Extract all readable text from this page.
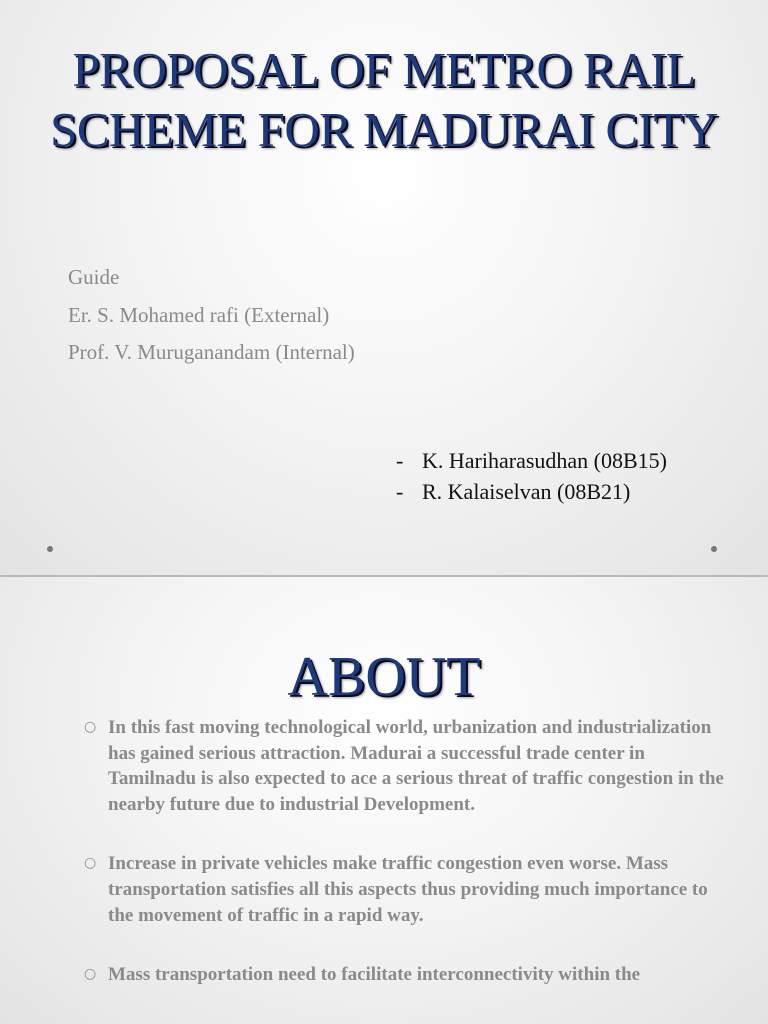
PROPOSAL OF METRO RAIL SCHEME FOR MADURAI CITY
Guide
Er. S. Mohamed rafi (External)
Prof. V. Muruganandam (Internal)
- K. Hariharasudhan (08B15)
- R. Kalaiselvan (08B21)
ABOUT
○ In this fast moving technological world, urbanization and industrialization has gained serious attraction. Madurai a successful trade center in Tamilnadu is also expected to ace a serious threat of traffic congestion in the nearby future due to industrial Development.
○ Increase in private vehicles make traffic congestion even worse. Mass transportation satisfies all this aspects thus providing much importance to the movement of traffic in a rapid way.
○ Mass transportation need to facilitate interconnectivity within the
